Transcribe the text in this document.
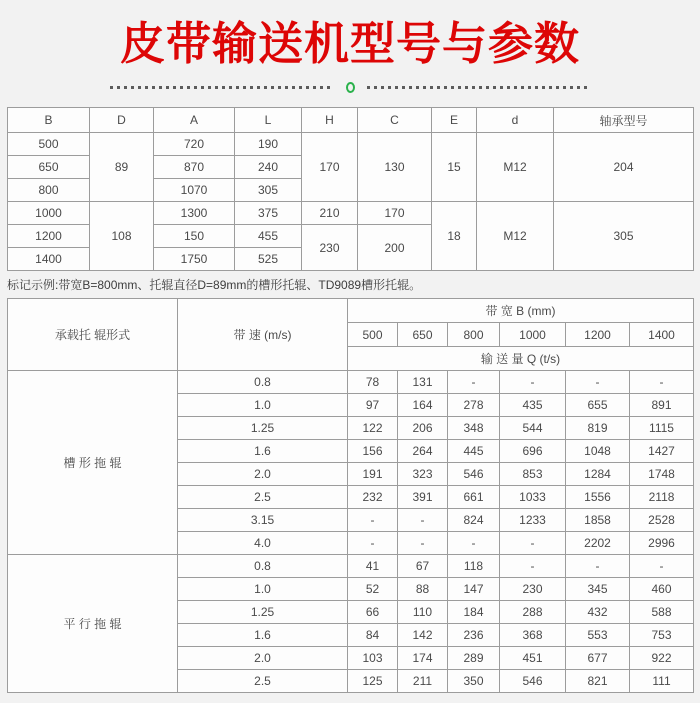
皮带输送机型号与参数
B	D	A	L	H	C	E	d	轴承型号
500	89	720	190	170	130	15	M12	204
650		870	240					
800		1070	305					
1000	108	1300	375	210	170	18	M12	305
1200		150	455	230	200			
1400		1750	525					

标记示例:带宽B=800mm、托辊直径D=89mm的槽形托辊、TD9089槽形托辊。

承载托 辊形式	带 速 (m/s)	带 宽 B (mm)					
		500	650	800	1000	1200	1400
		输 送 量 Q (t/s)					
槽 形 拖 辊	0.8	78	131	-	-	-	-
	1.0	97	164	278	435	655	891
	1.25	122	206	348	544	819	1115
	1.6	156	264	445	696	1048	1427
	2.0	191	323	546	853	1284	1748
	2.5	232	391	661	1033	1556	2118
	3.15	-	-	824	1233	1858	2528
	4.0	-	-	-	-	2202	2996
平 行 拖 辊	0.8	41	67	118	-	-	-
	1.0	52	88	147	230	345	460
	1.25	66	110	184	288	432	588
	1.6	84	142	236	368	553	753
	2.0	103	174	289	451	677	922
	2.5	125	211	350	546	821	111
